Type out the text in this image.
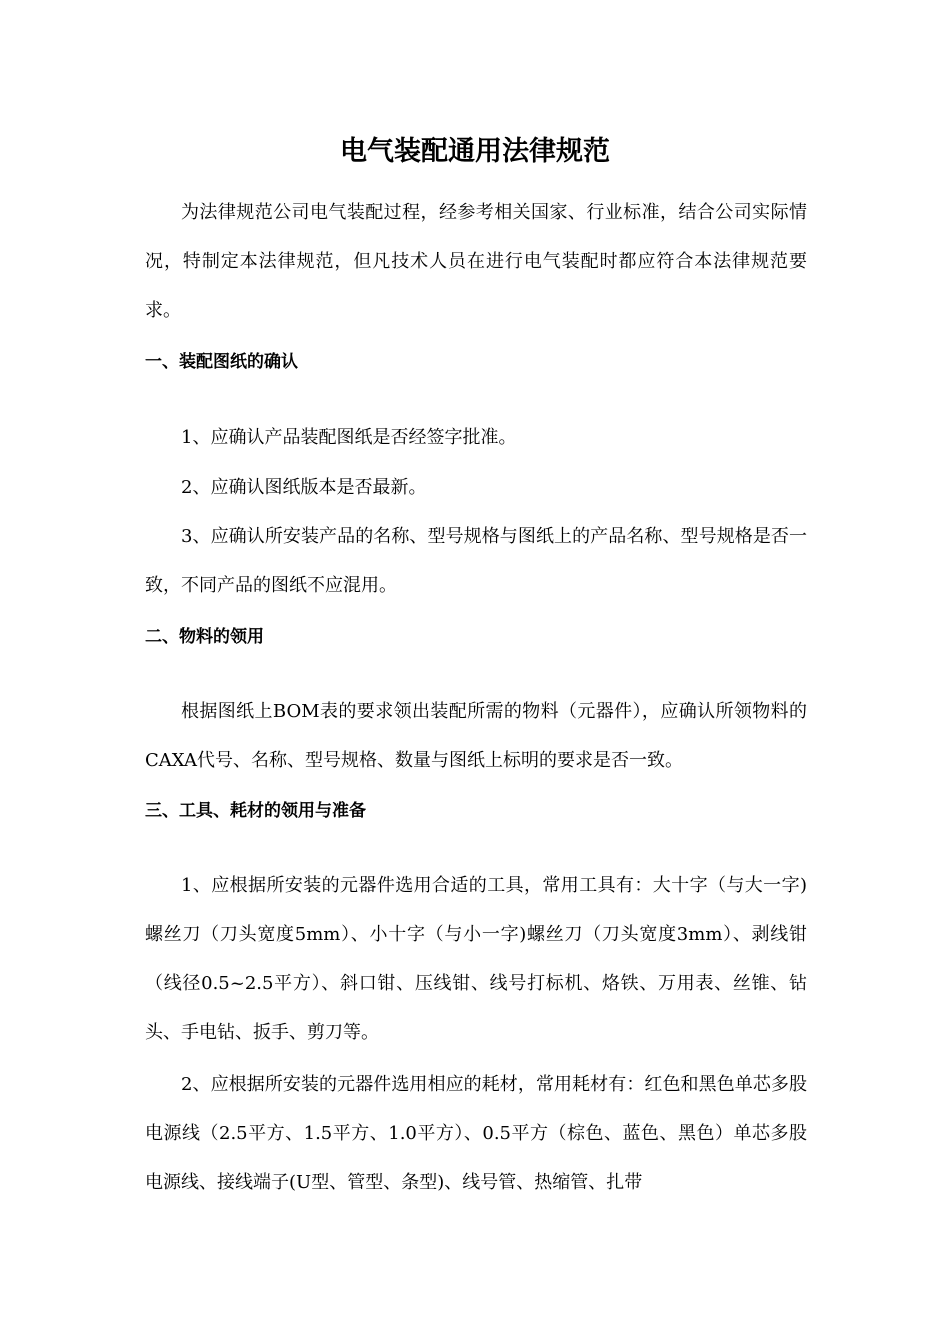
电气装配通用法律规范

为法律规范公司电气装配过程，经参考相关国家、行业标准，结合公司实际情况，特制定本法律规范，但凡技术人员在进行电气装配时都应符合本法律规范要求。

一、装配图纸的确认

1、应确认产品装配图纸是否经签字批准。

2、应确认图纸版本是否最新。

3、应确认所安装产品的名称、型号规格与图纸上的产品名称、型号规格是否一致，不同产品的图纸不应混用。

二、物料的领用

根据图纸上BOM表的要求领出装配所需的物料（元器件），应确认所领物料的CAXA代号、名称、型号规格、数量与图纸上标明的要求是否一致。

三、工具、耗材的领用与准备

1、应根据所安装的元器件选用合适的工具，常用工具有：大十字（与大一字)螺丝刀（刀头宽度5mm）、小十字（与小一字)螺丝刀（刀头宽度3mm）、剥线钳（线径0.5~2.5平方）、斜口钳、压线钳、线号打标机、烙铁、万用表、丝锥、钻头、手电钻、扳手、剪刀等。

2、应根据所安装的元器件选用相应的耗材，常用耗材有：红色和黑色单芯多股电源线（2.5平方、1.5平方、1.0平方）、0.5平方（棕色、蓝色、黑色）单芯多股电源线、接线端子(U型、管型、条型)、线号管、热缩管、扎带
